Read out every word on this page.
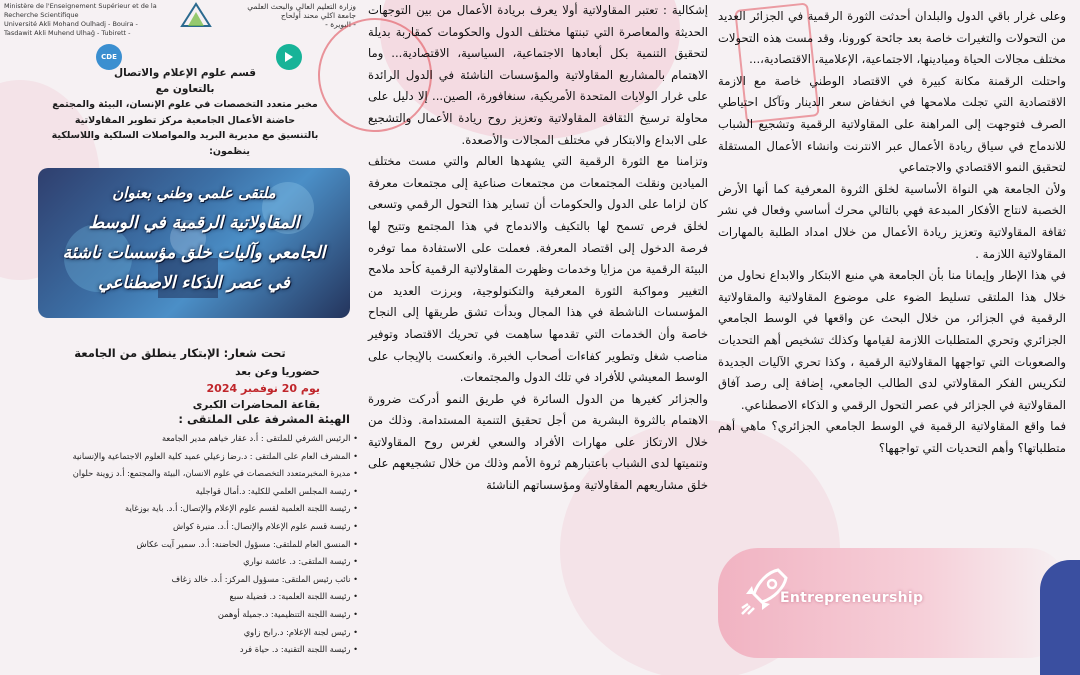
Ministère de l'Enseignement Supérieur et de la Recherche Scientifique
Université Akli Mohand Oulhadj - Bouira -
Tasdawit Akli Muhend Ulhağ - Tubirett -
وزارة التعليم العالي والبحث العلمي
جامعة اكلي محند أولحاج
- البويرة -
CDE
قسم علوم الإعلام والاتصال
بالتعاون مع
مخبر متعدد التخصصات في علوم الإنسان، البيئة والمجتمع
حاضنة الأعمال الجامعية مركز تطوير المقاولاتية
بالتنسيق مع مديرية البريد والمواصلات السلكية واللاسلكية
ينظمون:
ملتقى علمي وطني بعنوان
المقاولاتية الرقمية في الوسط
الجامعي وآليات خلق مؤسسات ناشئة
في عصر الذكاء الاصطناعي
تحت شعار: الإبتكار ينطلق من الجامعة
حضوريا وعن بعد
يوم 20 نوفمبر 2024
بقاعة المحاضرات الكبرى
الهيئة المشرفة على الملتقى :
• الرئيس الشرفي للملتقى : أ.د عقار خياهم مدير الجامعة
• المشرف العام على الملتقى : د.رضا زعيلي عميد كلية العلوم الاجتماعية والإنسانية
• مديرة المخبرمتعدد التخصصات في علوم الانسان، البيئة والمجتمع: أ.د زوينة حلوان
• رئيسة المجلس العلمي للكلية: د.أمال قواجلية
• رئيسة اللجنة العلمية لقسم علوم الإعلام والإتصال: أ.د. باية بوزغاية
• رئيسة قسم علوم الإعلام والإتصال: أ.د. منيرة كواش
• المنسق العام للملتقى: مسؤول الحاضنة: أ.د. سمير آيت عكاش
• رئيسة الملتقى: د. عائشة نواري
• نائب رئيس الملتقى: مسؤول المركز: أ.د. خالد زغاف
• رئيسة اللجنة العلمية: د. فضيلة سبع
• رئيسة اللجنة التنظيمية: د.جميلة أوهمن
• رئيس لجنة الإعلام: د.رابح زاوي
• رئيسة اللجنة التقنية: د. حياة فرد

إشكالية : تعتبر المقاولاتية أولا يعرف بريادة الأعمال من بين التوجهات الحديثة والمعاصرة التي تبنتها مختلف الدول والحكومات كمقاربة بديلة لتحقيق التنمية بكل أبعادها الاجتماعية، السياسية، الاقتصادية... وما الاهتمام بالمشاريع المقاولاتية والمؤسسات الناشئة في الدول الرائدة على غرار الولايات المتحدة الأمريكية، سنغافورة، الصين... إلا دليل على محاولة ترسيخ الثقافة المقاولاتية وتعزيز روح ريادة الأعمال والتشجيع على الابداع والابتكار في مختلف المجالات والأصعدة.

وتزامنا مع الثورة الرقمية التي يشهدها العالم والتي مست مختلف الميادين ونقلت المجتمعات من مجتمعات صناعية إلى مجتمعات معرفة كان لزاما على الدول والحكومات أن تساير هذا التحول الرقمي وتسعى لخلق فرص تسمح لها بالتكيف والاندماج في هذا المجتمع وتتيح لها فرصة الدخول إلى اقتصاد المعرفة. فعملت على الاستفادة مما توفره البيئة الرقمية من مزايا وخدمات وظهرت المقاولاتية الرقمية كأحد ملامح التغيير ومواكبة الثورة المعرفية والتكنولوجية، وبرزت العديد من المؤسسات الناشطة في هذا المجال وبدأت تشق طريقها إلى النجاح خاصة وأن الخدمات التي تقدمها ساهمت في تحريك الاقتصاد وتوفير مناصب شغل وتطوير كفاءات أصحاب الخبرة. وانعكست بالإيجاب على الوسط المعيشي للأفراد في تلك الدول والمجتمعات.

والجزائر كغيرها من الدول السائرة في طريق النمو أدركت ضرورة الاهتمام بالثروة البشرية من أجل تحقيق التنمية المستدامة. وذلك من خلال الارتكاز على مهارات الأفراد والسعي لغرس روح المقاولاتية وتنميتها لدى الشباب باعتبارهم ثروة الأمم وذلك من خلال تشجيعهم على خلق مشاريعهم المقاولاتية ومؤسساتهم الناشئة

وعلى غرار باقي الدول والبلدان أحدثت الثورة الرقمية في الجزائر العديد من التحولات والتغيرات خاصة بعد جائحة كورونا، وقد مست هذه التحولات مختلف مجالات الحياة وميادينها، الاجتماعية، الإعلامية، الاقتصادية،...

واحتلت الرقمنة مكانة كبيرة في الاقتصاد الوطني خاصة مع الازمة الاقتصادية التي تجلت ملامحها في انخفاض سعر الدينار وتآكل احتياطي الصرف فتوجهت إلى المراهنة على المقاولاتية الرقمية وتشجيع الشباب للاندماج في سياق ريادة الأعمال عبر الانترنت وانشاء الأعمال المستقلة لتحقيق النمو الاقتصادي والاجتماعي

ولأن الجامعة هي النواة الأساسية لخلق الثروة المعرفية كما أنها الأرض الخصبة لانتاج الأفكار المبدعة فهي بالتالي محرك أساسي وفعال في نشر ثقافة المقاولاتية وتعزيز ريادة الأعمال من خلال امداد الطلبة بالمهارات المقاولاتية اللازمة .

في هذا الإطار وإيمانا منا بأن الجامعة هي منبع الابتكار والابداع نحاول من خلال هذا الملتقى تسليط الضوء على موضوع المقاولاتية والمقاولاتية الرقمية في الجزائر، من خلال البحث عن واقعها في الوسط الجامعي الجزائري وتحري المتطلبات اللازمة لقيامها وكذلك تشخيص أهم التحديات والصعوبات التي تواجهها المقاولاتية الرقمية ، وكذا تحري الآليات الجديدة لتكريس الفكر المقاولاتي لدى الطالب الجامعي، إضافة إلى رصد آفاق المقاولاتية في الجزائر في عصر التحول الرقمي و الذكاء الاصطناعي.

فما واقع المقاولاتية الرقمية في الوسط الجامعي الجزائري؟ ماهي أهم متطلباتها؟ وأهم التحديات التي تواجهها؟

Entrepreneurship
